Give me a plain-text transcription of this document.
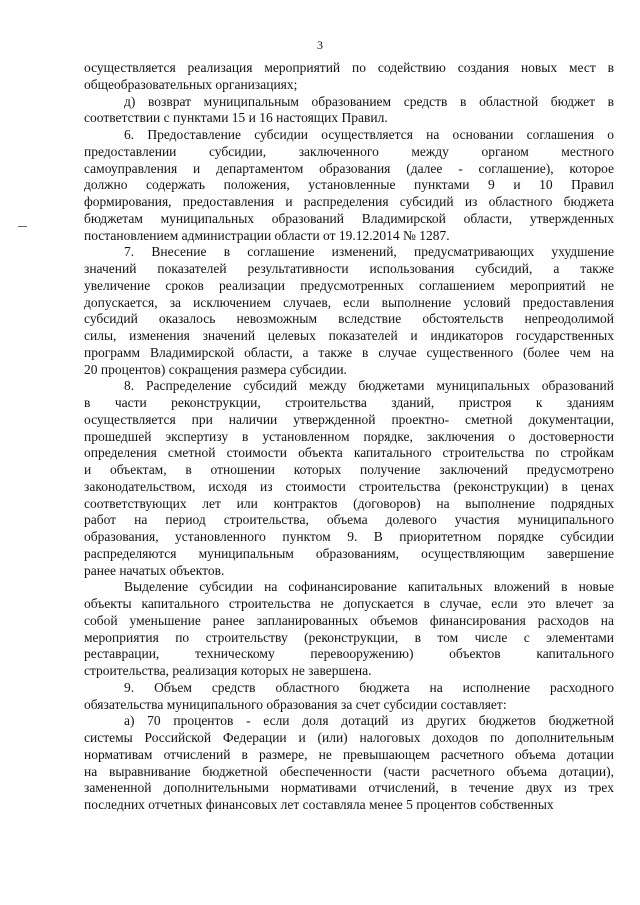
3
осуществляется реализация мероприятий по содействию создания новых мест в
общеобразовательных организациях;
д) возврат муниципальным образованием средств в областной бюджет в
соответствии с пунктами 15 и 16 настоящих Правил.
6. Предоставление субсидии осуществляется на основании соглашения о
предоставлении субсидии, заключенного между органом местного
самоуправления и департаментом образования (далее - соглашение), которое
должно содержать положения, установленные пунктами 9 и 10 Правил
формирования, предоставления и распределения субсидий из областного бюджета
бюджетам муниципальных образований Владимирской области, утвержденных
постановлением администрации области от 19.12.2014 № 1287.
7. Внесение в соглашение изменений, предусматривающих ухудшение
значений показателей результативности использования субсидий, а также
увеличение сроков реализации предусмотренных соглашением мероприятий не
допускается, за исключением случаев, если выполнение условий предоставления
субсидий оказалось невозможным вследствие обстоятельств непреодолимой
силы, изменения значений целевых показателей и индикаторов государственных
программ Владимирской области, а также в случае существенного (более чем на
20 процентов) сокращения размера субсидии.
8. Распределение субсидий между бюджетами муниципальных образований
в части реконструкции, строительства зданий, пристроя к зданиям
осуществляется при наличии утвержденной проектно- сметной документации,
прошедшей экспертизу в установленном порядке, заключения о достоверности
определения сметной стоимости объекта капитального строительства по стройкам
и объектам, в отношении которых получение заключений предусмотрено
законодательством, исходя из стоимости строительства (реконструкции) в ценах
соответствующих лет или контрактов (договоров) на выполнение подрядных
работ на период строительства, объема долевого участия муниципального
образования, установленного пунктом 9. В приоритетном порядке субсидии
распределяются муниципальным образованиям, осуществляющим завершение
ранее начатых объектов.
Выделение субсидии на софинансирование капитальных вложений в новые
объекты капитального строительства не допускается в случае, если это влечет за
собой уменьшение ранее запланированных объемов финансирования расходов на
мероприятия по строительству (реконструкции, в том числе с элементами
реставрации, техническому перевооружению) объектов капитального
строительства, реализация которых не завершена.
9. Объем средств областного бюджета на исполнение расходного
обязательства муниципального образования за счет субсидии составляет:
а) 70 процентов - если доля дотаций из других бюджетов бюджетной
системы Российской Федерации и (или) налоговых доходов по дополнительным
нормативам отчислений в размере, не превышающем расчетного объема дотации
на выравнивание бюджетной обеспеченности (части расчетного объема дотации),
замененной дополнительными нормативами отчислений, в течение двух из трех
последних отчетных финансовых лет составляла менее 5 процентов собственных
